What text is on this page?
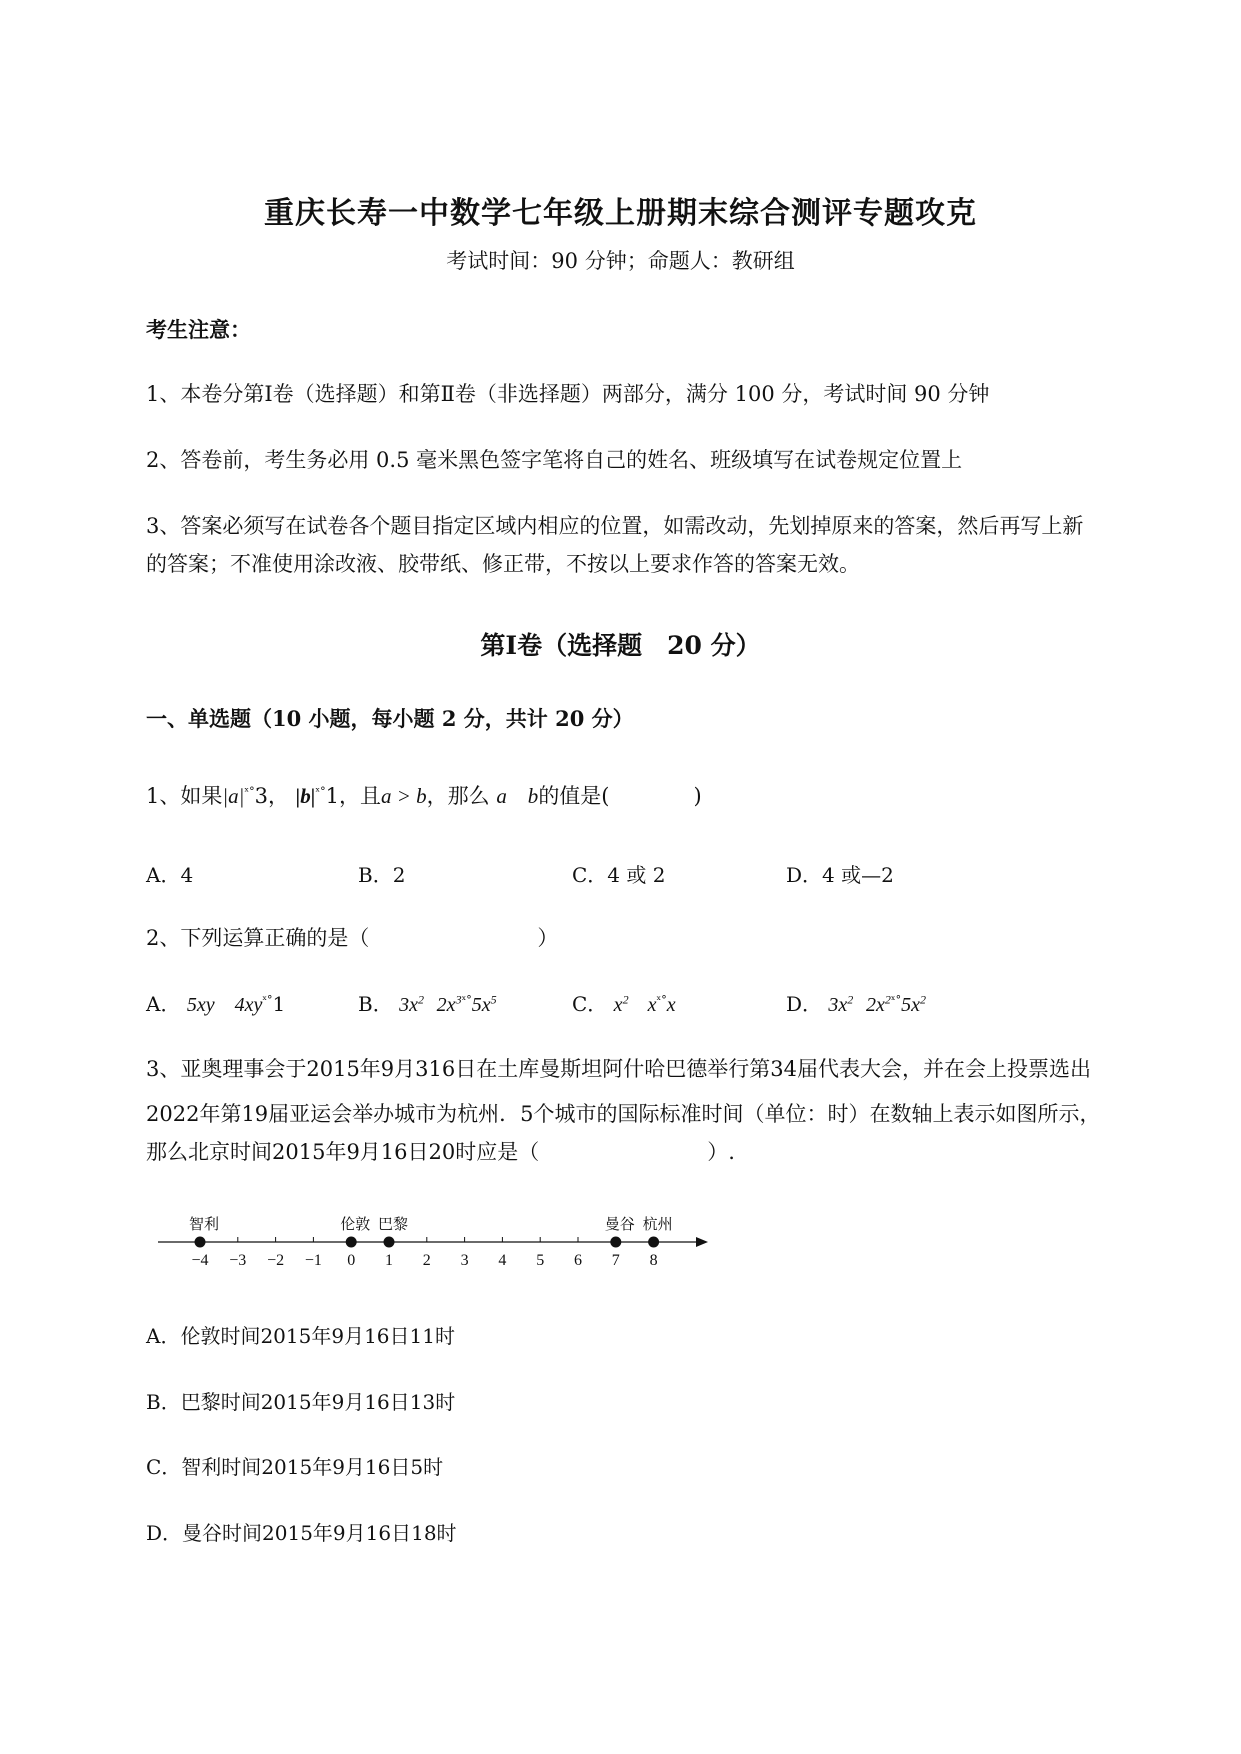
重庆长寿一中数学七年级上册期末综合测评专题攻克
考试时间：90 分钟；命题人：教研组
考生注意：
1、本卷分第Ⅰ卷（选择题）和第Ⅱ卷（非选择题）两部分，满分 100 分，考试时间 90 分钟
2、答卷前，考生务必用 0.5 毫米黑色签字笔将自己的姓名、班级填写在试卷规定位置上
3、答案必须写在试卷各个题目指定区域内相应的位置，如需改动，先划掉原来的答案，然后再写上新
的答案；不准使用涂改液、胶带纸、修正带，不按以上要求作答的答案无效。
第Ⅰ卷（选择题　20 分）
一、单选题（10 小题，每小题 2 分，共计 20 分）
1、如果$|a|^{ˣ^\circ}3$， $|b|^{ˣ^\circ}1$，且a > b，那么 a　b的值是(　　　　)
A．4	B．2	C．4 或 2	D．4 或—2
2、下列运算正确的是（　　　　　　　　）
A． 5xy　$4xy^{ˣ^\circ}1$	B． $3x^2$ $2x^{3ˣ^\circ}5x^5$	C． $x^2$ $x^{ˣ^\circ}x$	D． $3x^2$ $2x^{2ˣ^\circ}5x^2$
3、亚奥理事会于2015年9月316日在土库曼斯坦阿什哈巴德举行第34届代表大会，并在会上投票选出
2022年第19届亚运会举办城市为杭州．5个城市的国际标准时间（单位：时）在数轴上表示如图所示，
那么北京时间2015年9月16日20时应是（　　　　　　　　）.
−4 −3 −2 −1 0 1 2 3 4 5 6 7 8
智利	伦敦 巴黎	曼谷 杭州
A．伦敦时间2015年9月16日11时
B．巴黎时间2015年9月16日13时
C．智利时间2015年9月16日5时
D．曼谷时间2015年9月16日18时
